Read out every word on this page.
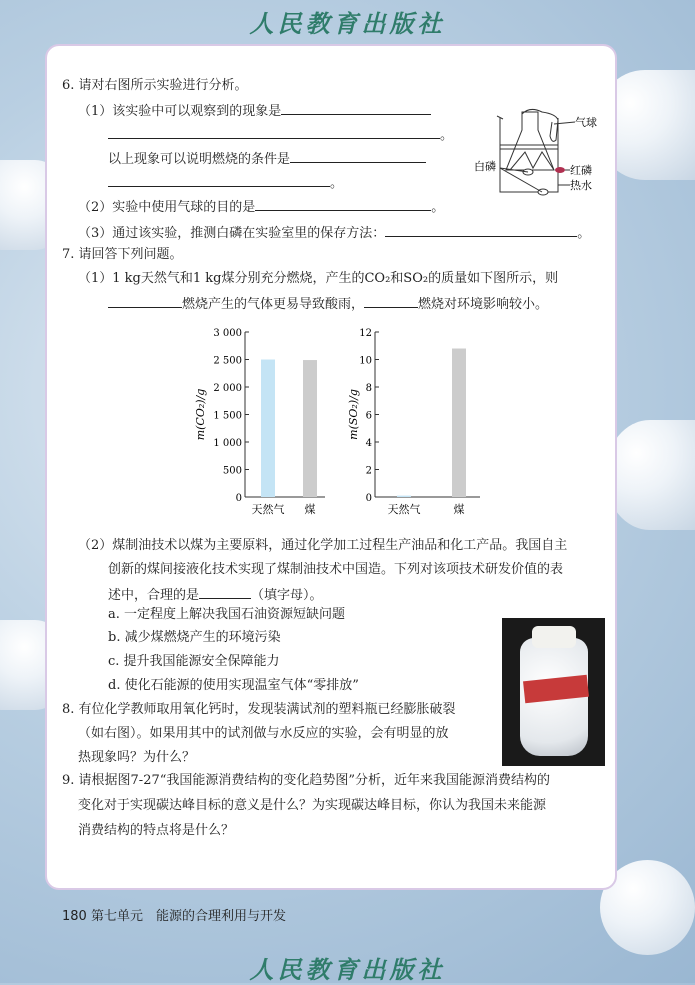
人民教育出版社
6. 请对右图所示实验进行分析。
（1）该实验中可以观察到的现象是
。
以上现象可以说明燃烧的条件是
。
（2）实验中使用气球的目的是	。
（3）通过该实验，推测白磷在实验室里的保存方法：	。
气球
白磷	红磷
热水
7. 请回答下列问题。
（1）1 kg天然气和1 kg煤分别充分燃烧，产生的CO₂和SO₂的质量如下图所示，则
燃烧产生的气体更易导致酸雨，	燃烧对环境影响较小。
0
500
1 000
1 500
2 000
2 500
3 000
天然气 煤
m(CO₂)/g
0
2
4
6
8
10
12
天然气	煤
m(SO₂)/g
（2）煤制油技术以煤为主要原料，通过化学加工过程生产油品和化工产品。我国自主
创新的煤间接液化技术实现了煤制油技术中国造。下列对该项技术研发价值的表
述中，合理的是	（填字母）。
a. 一定程度上解决我国石油资源短缺问题
b. 减少煤燃烧产生的环境污染
c. 提升我国能源安全保障能力
d. 使化石能源的使用实现温室气体“零排放”
8. 有位化学教师取用氧化钙时，发现装满试剂的塑料瓶已经膨胀破裂
（如右图）。如果用其中的试剂做与水反应的实验，会有明显的放
热现象吗？为什么？
9. 请根据图7-27“我国能源消费结构的变化趋势图”分析，近年来我国能源消费结构的
变化对于实现碳达峰目标的意义是什么？为实现碳达峰目标，你认为我国未来能源
消费结构的特点将是什么？
180 第七单元　能源的合理利用与开发
人民教育出版社
